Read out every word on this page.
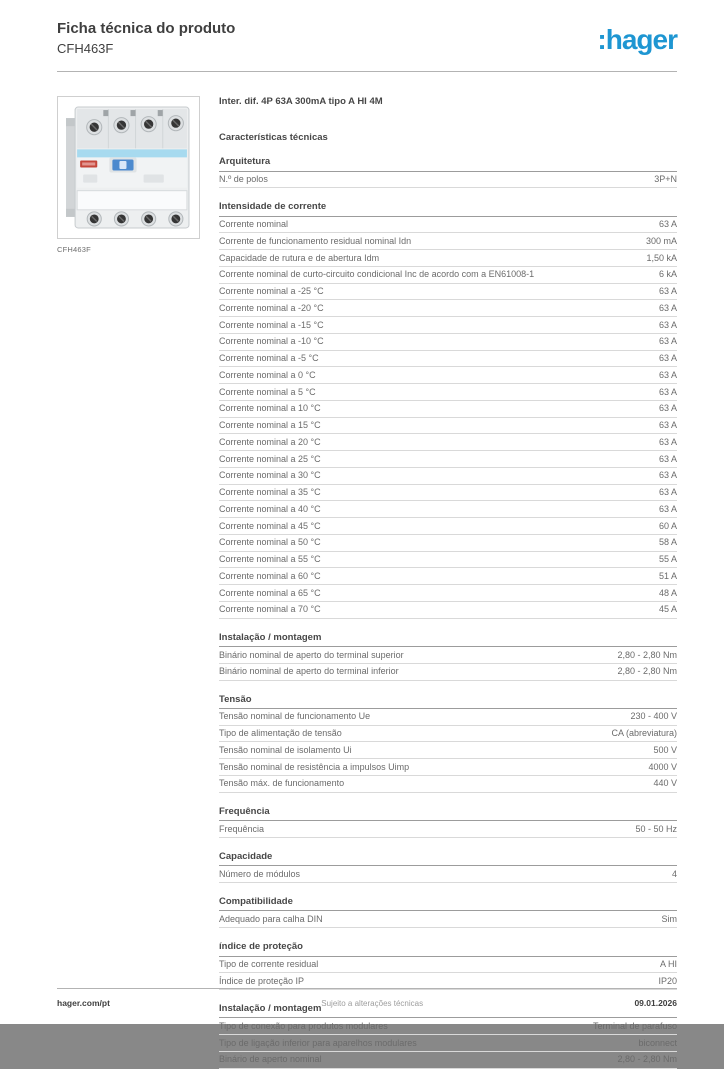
Ficha técnica do produto
CFH463F	:hager
CFH463F
Inter. dif. 4P 63A 300mA tipo A HI 4M
Características técnicas
Arquitetura
N.º de polos	3P+N
Intensidade de corrente
Corrente nominal	63 A
Corrente de funcionamento residual nominal Idn	300 mA
Capacidade de rutura e de abertura Idm	1,50 kA
Corrente nominal de curto-circuito condicional Inc de acordo com a EN61008-1	6 kA
Corrente nominal a -25 °C	63 A
Corrente nominal a -20 °C	63 A
Corrente nominal a -15 °C	63 A
Corrente nominal a -10 °C	63 A
Corrente nominal a -5 °C	63 A
Corrente nominal a 0 °C	63 A
Corrente nominal a 5 °C	63 A
Corrente nominal a 10 °C	63 A
Corrente nominal a 15 °C	63 A
Corrente nominal a 20 °C	63 A
Corrente nominal a 25 °C	63 A
Corrente nominal a 30 °C	63 A
Corrente nominal a 35 °C	63 A
Corrente nominal a 40 °C	63 A
Corrente nominal a 45 °C	60 A
Corrente nominal a 50 °C	58 A
Corrente nominal a 55 °C	55 A
Corrente nominal a 60 °C	51 A
Corrente nominal a 65 °C	48 A
Corrente nominal a 70 °C	45 A
Instalação / montagem
Binário nominal de aperto do terminal superior	2,80 - 2,80 Nm
Binário nominal de aperto do terminal inferior	2,80 - 2,80 Nm
Tensão
Tensão nominal de funcionamento Ue	230 - 400 V
Tipo de alimentação de tensão	CA (abreviatura)
Tensão nominal de isolamento Ui	500 V
Tensão nominal de resistência a impulsos Uimp	4000 V
Tensão máx. de funcionamento	440 V
Frequência
Frequência	50 - 50 Hz
Capacidade
Número de módulos	4
Compatibilidade
Adequado para calha DIN	Sim
índice de proteção
Tipo de corrente residual	A HI
Índice de proteção IP	IP20
Instalação / montagem
Tipo de conexão para produtos modulares	Terminal de parafuso
Tipo de ligação inferior para aparelhos modulares	biconnect
Binário de aperto nominal	2,80 - 2,80 Nm
hager.com/pt	Sujeito a alterações técnicas	09.01.2026
